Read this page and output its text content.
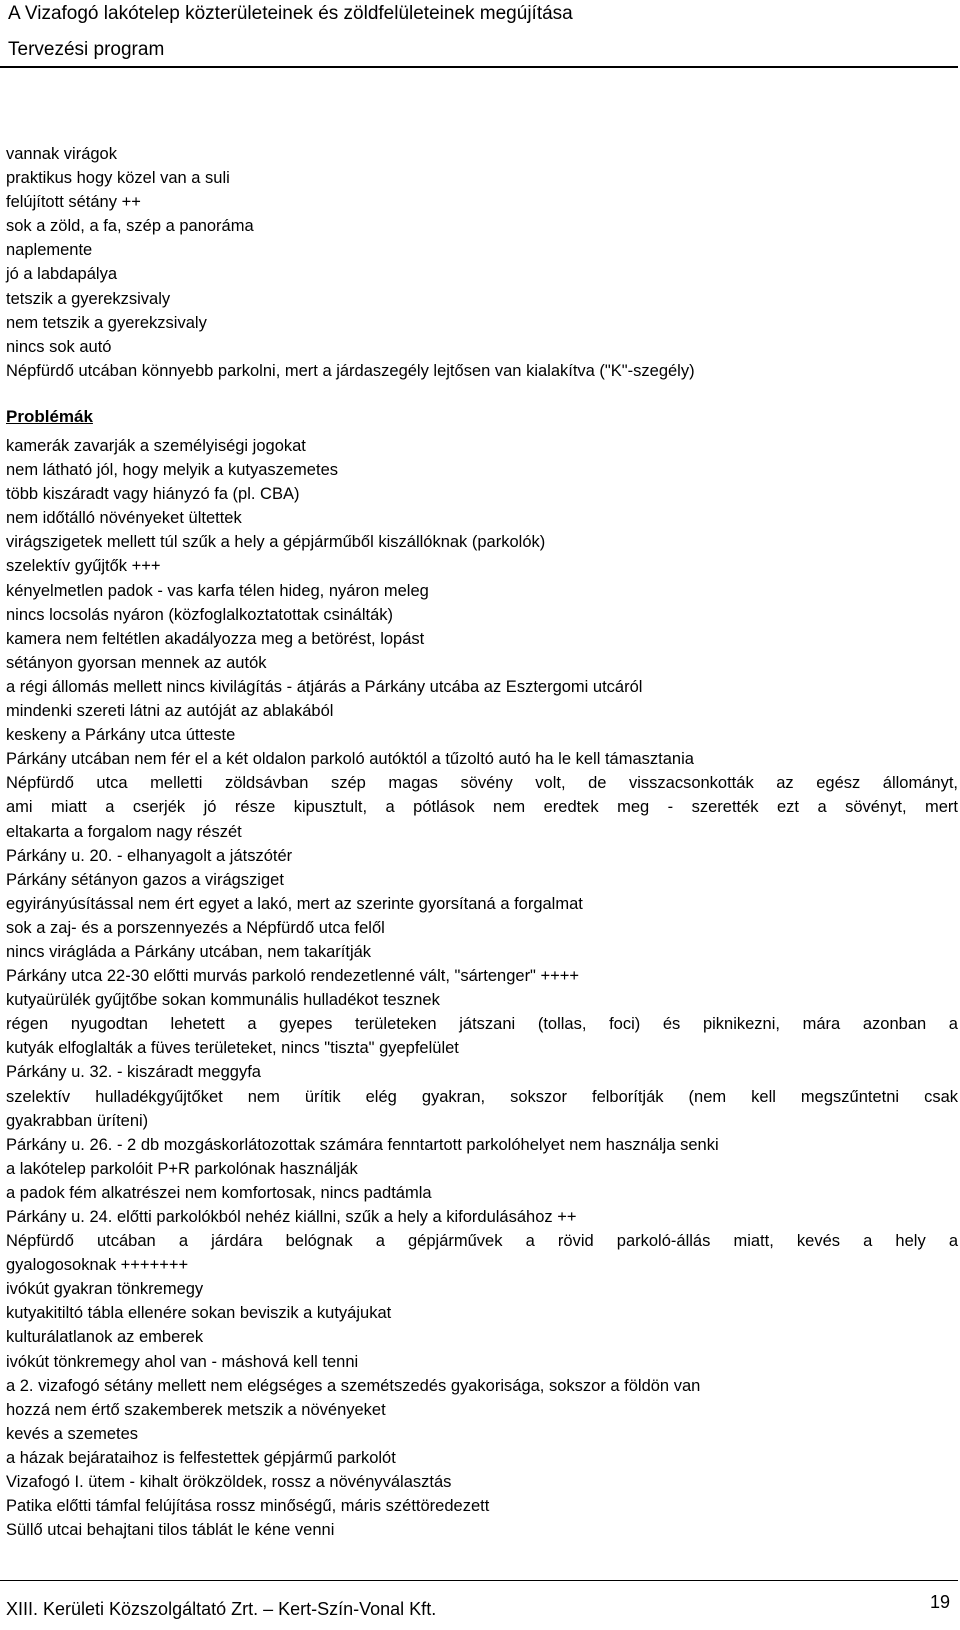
A Vizafogó lakótelep közterületeinek és zöldfelületeinek megújítása
Tervezési program
vannak virágok
praktikus hogy közel van a suli
felújított sétány ++
sok a zöld, a fa, szép a panoráma
naplemente
jó a labdapálya
tetszik a gyerekzsivaly
nem tetszik a gyerekzsivaly
nincs sok autó
Népfürdő utcában könnyebb parkolni, mert a járdaszegély lejtősen van kialakítva ("K"-szegély)
Problémák
kamerák zavarják a személyiségi jogokat
nem látható jól, hogy melyik a kutyaszemetes
több kiszáradt vagy hiányzó fa (pl. CBA)
nem időtálló növényeket ültettek
virágszigetek mellett túl szűk a hely a gépjárműből kiszállóknak (parkolók)
szelektív gyűjtők +++
kényelmetlen padok - vas karfa télen hideg, nyáron meleg
nincs locsolás nyáron (közfoglalkoztatottak csinálták)
kamera nem feltétlen akadályozza meg a betörést, lopást
sétányon gyorsan mennek az autók
a régi állomás mellett nincs kivilágítás - átjárás a Párkány utcába az Esztergomi utcáról
mindenki szereti látni az autóját az ablakából
keskeny a Párkány utca útteste
Párkány utcában nem fér el a két oldalon parkoló autóktól a tűzoltó autó ha le kell támasztania
Népfürdő utca melletti zöldsávban szép magas sövény volt, de visszacsonkották az egész állományt,
ami miatt a cserjék jó része kipusztult, a pótlások nem eredtek meg - szerették ezt a sövényt, mert
eltakarta a forgalom nagy részét
Párkány u. 20. - elhanyagolt a játszótér
Párkány sétányon gazos a virágsziget
egyirányúsítással nem ért egyet a lakó, mert az szerinte gyorsítaná a forgalmat
sok a zaj- és a porszennyezés a Népfürdő utca felől
nincs virágláda a Párkány utcában, nem takarítják
Párkány utca 22-30 előtti murvás parkoló rendezetlenné vált, "sártenger" ++++
kutyaürülék gyűjtőbe sokan kommunális hulladékot tesznek
régen nyugodtan lehetett a gyepes területeken játszani (tollas, foci) és piknikezni, mára azonban a
kutyák elfoglalták a füves területeket, nincs "tiszta" gyepfelület
Párkány u. 32. - kiszáradt meggyfa
szelektív hulladékgyűjtőket nem ürítik elég gyakran, sokszor felborítják (nem kell megszűntetni csak
gyakrabban üríteni)
Párkány u. 26. - 2 db mozgáskorlátozottak számára fenntartott parkolóhelyet nem használja senki
a lakótelep parkolóit P+R parkolónak használják
a padok fém alkatrészei nem komfortosak, nincs padtámla
Párkány u. 24. előtti parkolókból nehéz kiállni, szűk a hely a kifordulásához ++
Népfürdő utcában a járdára belógnak a gépjárművek a rövid parkoló-állás miatt, kevés a hely a
gyalogosoknak +++++++
ivókút gyakran tönkremegy
kutyakitiltó tábla ellenére sokan beviszik a kutyájukat
kulturálatlanok az emberek
ivókút tönkremegy ahol van - máshová kell tenni
a 2. vizafogó sétány mellett nem elégséges a szemétszedés gyakorisága, sokszor a földön van
hozzá nem értő szakemberek metszik a növényeket
kevés a szemetes
a házak bejárataihoz is felfestettek gépjármű parkolót
Vizafogó I. ütem - kihalt örökzöldek, rossz a növényválasztás
Patika előtti támfal felújítása rossz minőségű, máris széttöredezett
Süllő utcai behajtani tilos táblát le kéne venni
XIII. Kerületi Közszolgáltató Zrt. – Kert-Szín-Vonal Kft.	19
